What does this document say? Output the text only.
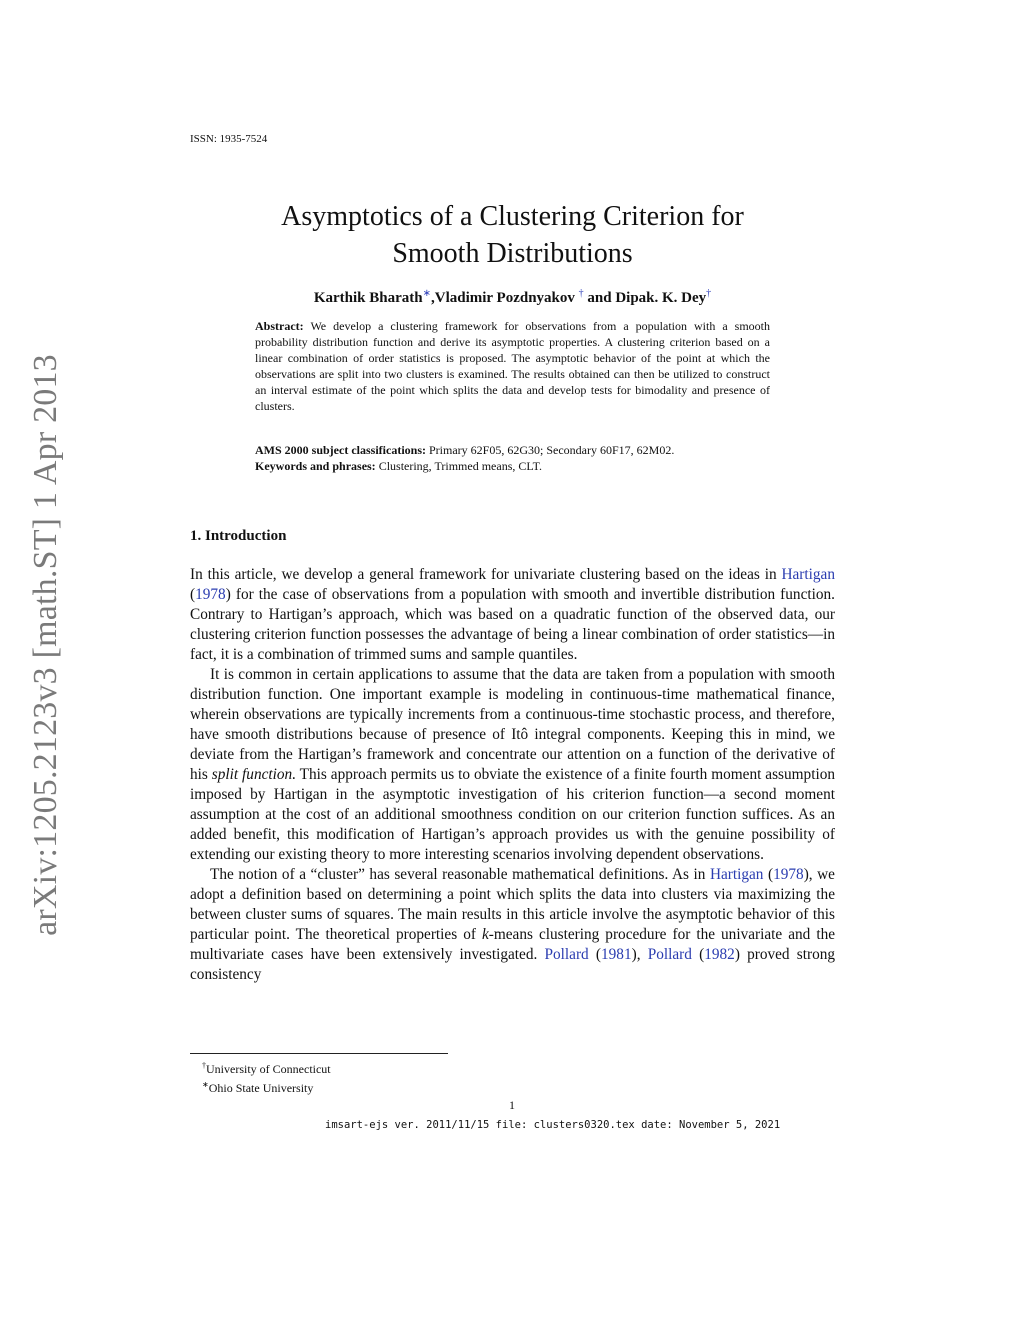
arXiv:1205.2123v3 [math.ST] 1 Apr 2013
ISSN: 1935-7524
Asymptotics of a Clustering Criterion for
Smooth Distributions
Karthik Bharath∗,Vladimir Pozdnyakov † and Dipak. K. Dey†
Abstract: We develop a clustering framework for observations from a population with a smooth probability distribution function and derive its asymptotic properties. A clustering criterion based on a linear combination of order statistics is proposed. The asymptotic behavior of the point at which the observations are split into two clusters is examined. The results obtained can then be utilized to construct an interval estimate of the point which splits the data and develop tests for bimodality and presence of clusters.
AMS 2000 subject classifications: Primary 62F05, 62G30; Secondary 60F17, 62M02.
Keywords and phrases: Clustering, Trimmed means, CLT.
1. Introduction

In this article, we develop a general framework for univariate clustering based on the ideas in Hartigan (1978) for the case of observations from a population with smooth and invertible distribution function. Contrary to Hartigan’s approach, which was based on a quadratic function of the observed data, our clustering criterion function possesses the advantage of being a linear combination of order statistics—in fact, it is a combination of trimmed sums and sample quantiles.

It is common in certain applications to assume that the data are taken from a population with smooth distribution function. One important example is modeling in continuous-time mathematical finance, wherein observations are typically increments from a continuous-time stochastic process, and therefore, have smooth distributions because of presence of Itô integral components. Keeping this in mind, we deviate from the Hartigan’s framework and concentrate our attention on a function of the derivative of his split function. This approach permits us to obviate the existence of a finite fourth moment assumption imposed by Hartigan in the asymptotic investigation of his criterion function—a second moment assumption at the cost of an additional smoothness condition on our criterion function suffices. As an added benefit, this modification of Hartigan’s approach provides us with the genuine possibility of extending our existing theory to more interesting scenarios involving dependent observations.

The notion of a “cluster” has several reasonable mathematical definitions. As in Hartigan (1978), we adopt a definition based on determining a point which splits the data into clusters via maximizing the between cluster sums of squares. The main results in this article involve the asymptotic behavior of this particular point. The theoretical properties of k-means clustering procedure for the univariate and the multivariate cases have been extensively investigated. Pollard (1981), Pollard (1982) proved strong consistency

†University of Connecticut
∗Ohio State University
1
imsart-ejs ver. 2011/11/15 file: clusters0320.tex date: November 5, 2021
